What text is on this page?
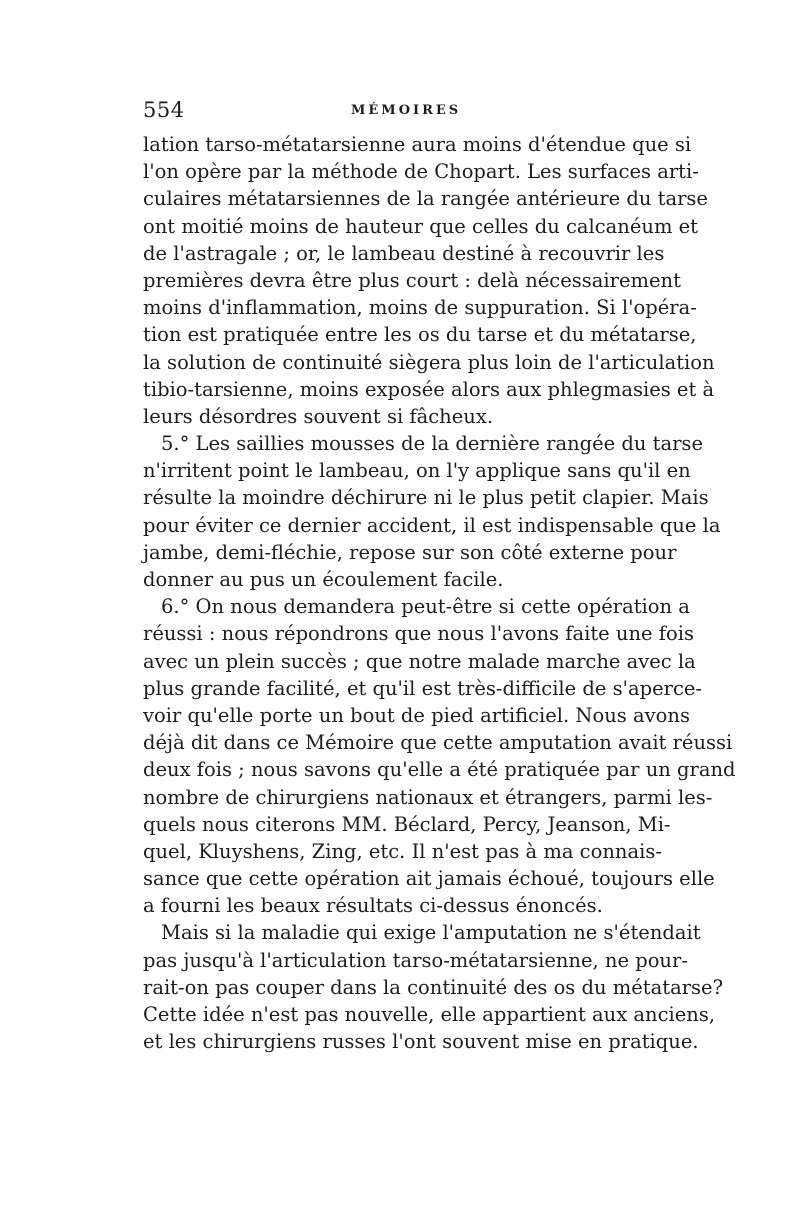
554	MÉMOIRES
lation tarso-métatarsienne aura moins d'étendue que si
l'on opère par la méthode de Chopart. Les surfaces arti-
culaires métatarsiennes de la rangée antérieure du tarse
ont moitié moins de hauteur que celles du calcanéum et
de l'astragale ; or, le lambeau destiné à recouvrir les
premières devra être plus court : delà nécessairement
moins d'inflammation, moins de suppuration. Si l'opéra-
tion est pratiquée entre les os du tarse et du métatarse,
la solution de continuité siègera plus loin de l'articulation
tibio-tarsienne, moins exposée alors aux phlegmasies et à
leurs désordres souvent si fâcheux.
5.° Les saillies mousses de la dernière rangée du tarse
n'irritent point le lambeau, on l'y applique sans qu'il en
résulte la moindre déchirure ni le plus petit clapier. Mais
pour éviter ce dernier accident, il est indispensable que la
jambe, demi-fléchie, repose sur son côté externe pour
donner au pus un écoulement facile.
6.° On nous demandera peut-être si cette opération a
réussi : nous répondrons que nous l'avons faite une fois
avec un plein succès ; que notre malade marche avec la
plus grande facilité, et qu'il est très-difficile de s'aperce-
voir qu'elle porte un bout de pied artificiel. Nous avons
déjà dit dans ce Mémoire que cette amputation avait réussi
deux fois ; nous savons qu'elle a été pratiquée par un grand
nombre de chirurgiens nationaux et étrangers, parmi les-
quels nous citerons MM. Béclard, Percy, Jeanson, Mi-
quel, Kluyshens, Zing, etc. Il n'est pas à ma connais-
sance que cette opération ait jamais échoué, toujours elle
a fourni les beaux résultats ci-dessus énoncés.
Mais si la maladie qui exige l'amputation ne s'étendait
pas jusqu'à l'articulation tarso-métatarsienne, ne pour-
rait-on pas couper dans la continuité des os du métatarse?
Cette idée n'est pas nouvelle, elle appartient aux anciens,
et les chirurgiens russes l'ont souvent mise en pratique.
